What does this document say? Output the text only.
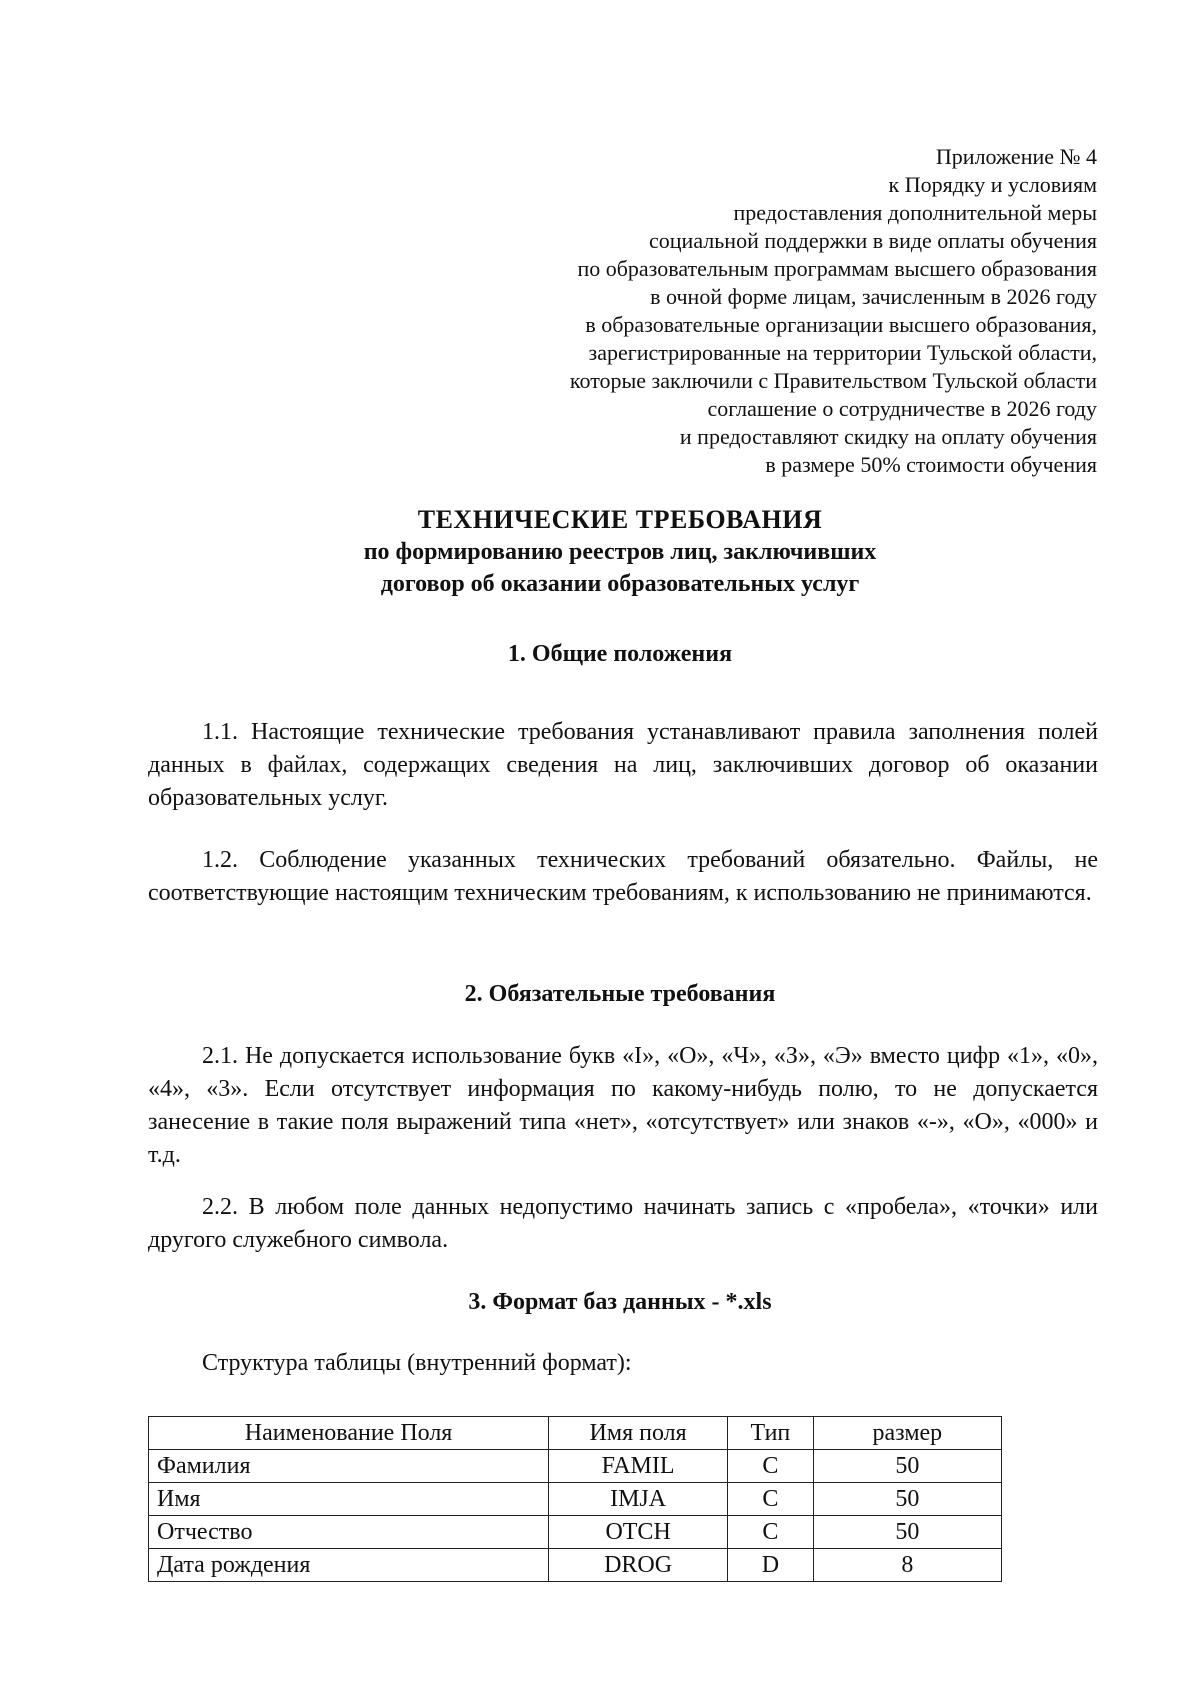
Приложение № 4
к Порядку и условиям
предоставления дополнительной меры
социальной поддержки в виде оплаты обучения
по образовательным программам высшего образования
в очной форме лицам, зачисленным в 2026 году
в образовательные организации высшего образования,
зарегистрированные на территории Тульской области,
которые заключили с Правительством Тульской области
соглашение о сотрудничестве в 2026 году
и предоставляют скидку на оплату обучения
в размере 50% стоимости обучения
ТЕХНИЧЕСКИЕ ТРЕБОВАНИЯ
по формированию реестров лиц, заключивших
договор об оказании образовательных услуг
1. Общие положения

1.1. Настоящие технические требования устанавливают правила заполнения полей данных в файлах, содержащих сведения на лиц, заключивших договор об оказании образовательных услуг.

1.2. Соблюдение указанных технических требований обязательно. Файлы, не соответствующие настоящим техническим требованиям, к использованию не принимаются.

2. Обязательные требования

2.1. Не допускается использование букв «I», «О», «Ч», «З», «Э» вместо цифр «1», «0», «4», «3». Если отсутствует информация по какому-нибудь полю, то не допускается занесение в такие поля выражений типа «нет», «отсутствует» или знаков «-», «О», «000» и т.д.

2.2. В любом поле данных недопустимо начинать запись с «пробела», «точки» или другого служебного символа.

3. Формат баз данных - *.xls
Структура таблицы (внутренний формат):
Наименование Поля	Имя поля	Тип	размер
Фамилия	FAMIL	C	50
Имя	IMJA	C	50
Отчество	OTCH	C	50
Дата рождения	DROG	D	8
